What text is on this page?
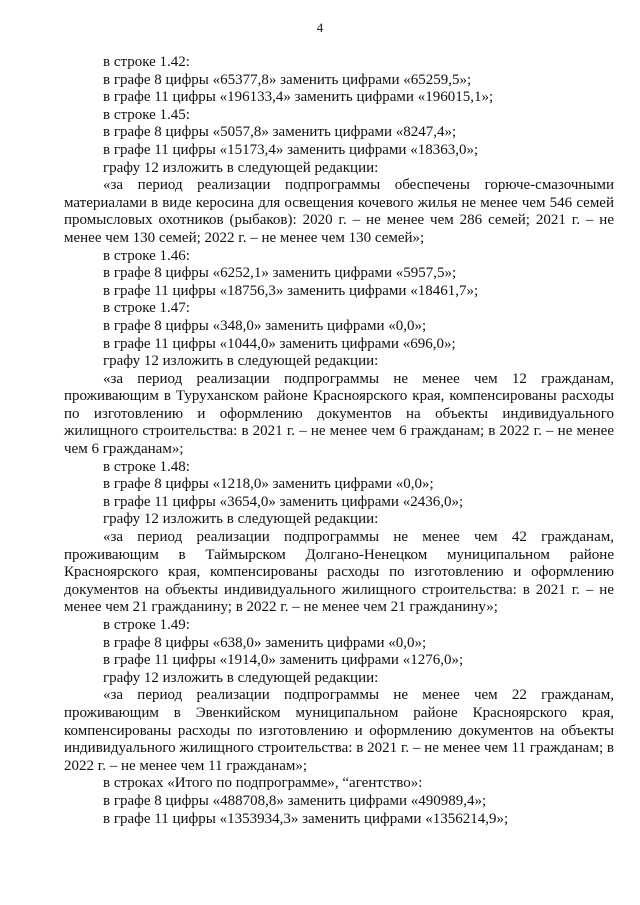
4

в строке 1.42:

в графе 8 цифры «65377,8» заменить цифрами «65259,5»;

в графе 11 цифры «196133,4» заменить цифрами «196015,1»;

в строке 1.45:

в графе 8 цифры «5057,8» заменить цифрами «8247,4»;

в графе 11 цифры «15173,4» заменить цифрами «18363,0»;

графу 12 изложить в следующей редакции:

«за период реализации подпрограммы обеспечены горюче-смазочными материалами в виде керосина для освещения кочевого жилья не менее чем 546 семей промысловых охотников (рыбаков): 2020 г. – не менее чем 286 семей; 2021 г. – не менее чем 130 семей; 2022 г. – не менее чем 130 семей»;

в строке 1.46:

в графе 8 цифры «6252,1» заменить цифрами «5957,5»;

в графе 11 цифры «18756,3» заменить цифрами «18461,7»;

в строке 1.47:

в графе 8 цифры «348,0» заменить цифрами «0,0»;

в графе 11 цифры «1044,0» заменить цифрами «696,0»;

графу 12 изложить в следующей редакции:

«за период реализации подпрограммы не менее чем 12 гражданам, проживающим в Туруханском районе Красноярского края, компенсированы расходы по изготовлению и оформлению документов на объекты индивидуального жилищного строительства: в 2021 г. – не менее чем 6 гражданам; в 2022 г. – не менее чем 6 гражданам»;

в строке 1.48:

в графе 8 цифры «1218,0» заменить цифрами «0,0»;

в графе 11 цифры «3654,0» заменить цифрами «2436,0»;

графу 12 изложить в следующей редакции:

«за период реализации подпрограммы не менее чем 42 гражданам, проживающим в Таймырском Долгано-Ненецком муниципальном районе Красноярского края, компенсированы расходы по изготовлению и оформлению документов на объекты индивидуального жилищного строительства: в 2021 г. – не менее чем 21 гражданину; в 2022 г. – не менее чем 21 гражданину»;

в строке 1.49:

в графе 8 цифры «638,0» заменить цифрами «0,0»;

в графе 11 цифры «1914,0» заменить цифрами «1276,0»;

графу 12 изложить в следующей редакции:

«за период реализации подпрограммы не менее чем 22 гражданам, проживающим в Эвенкийском муниципальном районе Красноярского края, компенсированы расходы по изготовлению и оформлению документов на объекты индивидуального жилищного строительства: в 2021 г. – не менее чем 11 гражданам; в 2022 г. – не менее чем 11 гражданам»;

в строках «Итого по подпрограмме», “агентство»:

в графе 8 цифры «488708,8» заменить цифрами «490989,4»;

в графе 11 цифры «1353934,3» заменить цифрами «1356214,9»;
